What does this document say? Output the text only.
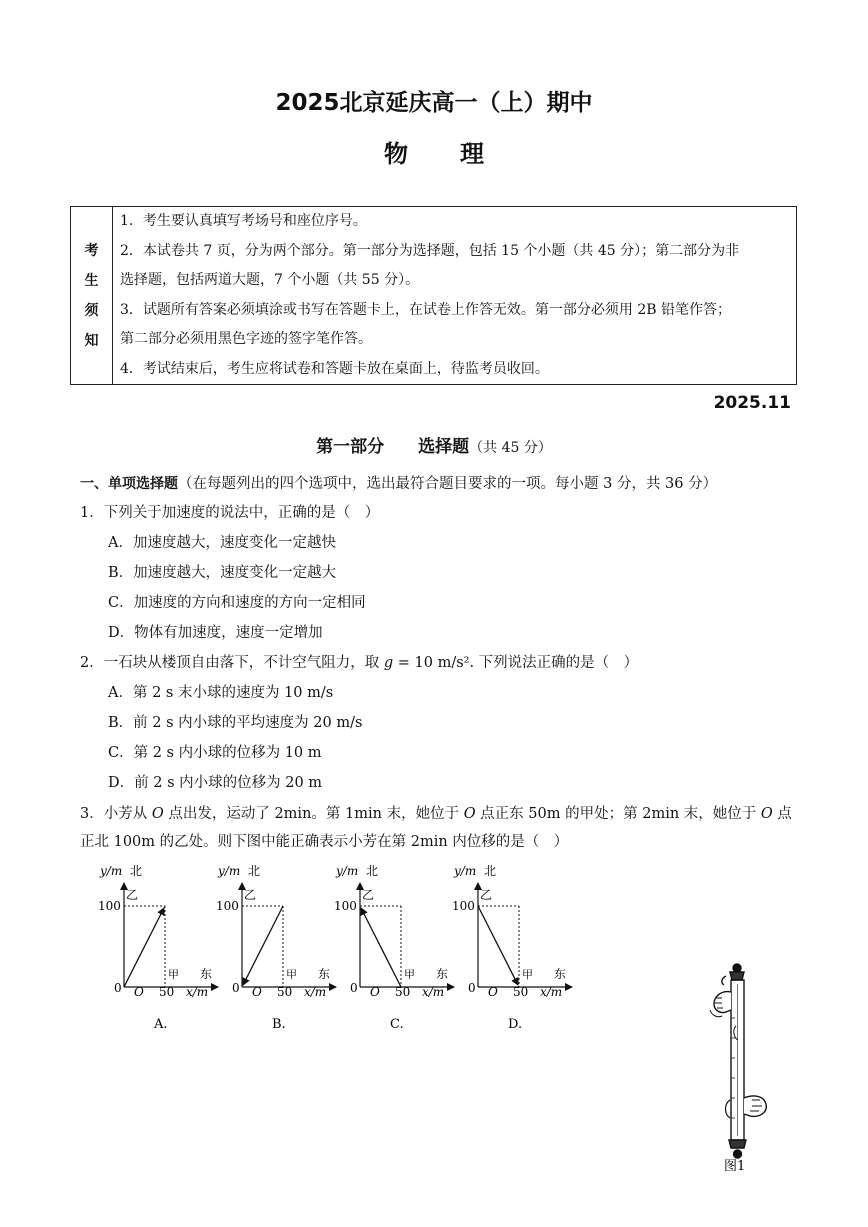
2025北京延庆高一（上）期中
物理
考
生
须
知
1．考生要认真填写考场号和座位序号。
2．本试卷共 7 页，分为两个部分。第一部分为选择题，包括 15 个小题（共 45 分）；第二部分为非
选择题，包括两道大题，7 个小题（共 55 分）。
3．试题所有答案必须填涂或书写在答题卡上，在试卷上作答无效。第一部分必须用 2B 铅笔作答；
第二部分必须用黑色字迹的签字笔作答。
4．考试结束后，考生应将试卷和答题卡放在桌面上，待监考员收回。
2025.11
第一部分　　选择题（共 45 分）
一、单项选择题（在每题列出的四个选项中，选出最符合题目要求的一项。每小题 3 分，共 36 分）
1．下列关于加速度的说法中，正确的是（　）
A．加速度越大，速度变化一定越快
B．加速度越大，速度变化一定越大
C．加速度的方向和速度的方向一定相同
D．物体有加速度，速度一定增加
2．一石块从楼顶自由落下，不计空气阻力，取 g = 10 m/s². 下列说法正确的是（　）
A．第 2 s 末小球的速度为 10 m/s
B．前 2 s 内小球的平均速度为 20 m/s
C．第 2 s 内小球的位移为 10 m
D．前 2 s 内小球的位移为 20 m
3．小芳从 O 点出发，运动了 2min。第 1min 末，她位于 O 点正东 50m 的甲处；第 2min 末，她位于 O 点
正北 100m 的乙处。则下图中能正确表示小芳在第 2min 内位移的是（　）
y/m 北
乙
100
甲 东
0 O 50 x/m
A.
y/m 北
乙
100
甲 东
0 O 50 x/m
B.
y/m 北
乙
100
甲 东
0 O 50 x/m
C.
y/m 北
乙
100
甲 东
0 O 50 x/m
D.
图1
